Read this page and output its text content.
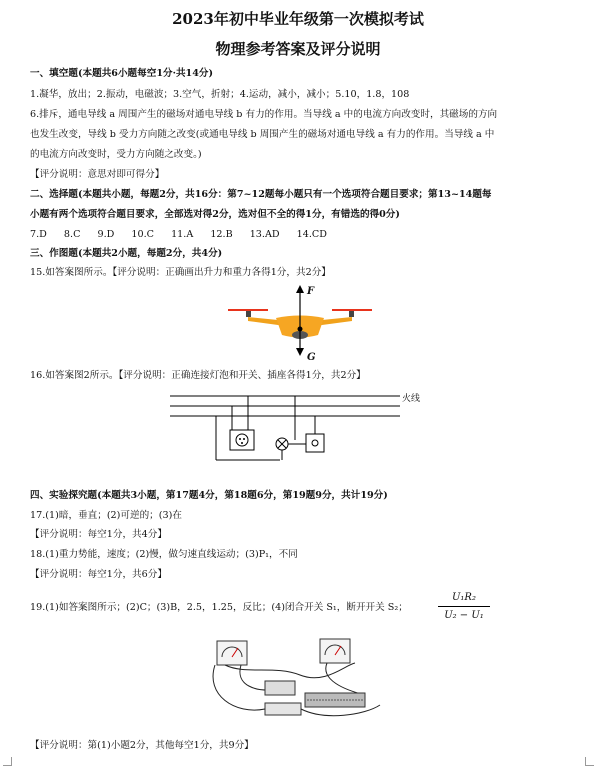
2023年初中毕业年级第一次模拟考试
物理参考答案及评分说明
一、填空题(本题共6小题每空1分·共14分)
1.凝华，放出；2.振动，电磁波；3.空气，折射；4.运动，减小，减小；5.10，1.8，108
6.排斥，通电导线 a 周围产生的磁场对通电导线 b 有力的作用。当导线 a 中的电流方向改变时，其磁场的方向
也发生改变，导线 b 受力方向随之改变(或通电导线 b 周围产生的磁场对通电导线 a 有力的作用。当导线 a 中
的电流方向改变时，受力方向随之改变。)
【评分说明：意思对即可得分】
二、选择题(本题共小题，每题2分，共16分：第7~12题每小题只有一个选项符合题目要求；第13~14题每
小题有两个选项符合题目要求，全部选对得2分，选对但不全的得1分，有错选的得0分)
7.D 8.C 9.D 10.C 11.A 12.B 13.AD 14.CD
三、作图题(本题共2小题，每题2分，共4分)
15.如答案图所示。【评分说明：正确画出升力和重力各得1分，共2分】
F
G
16.如答案图2所示。【评分说明：正确连接灯泡和开关、插座各得1分，共2分】
火线
四、实验探究题(本题共3小题，第17题4分，第18题6分，第19题9分，共计19分)
17.(1)暗，垂直；(2)可逆的；(3)在
【评分说明：每空1分，共4分】
18.(1)重力势能，速度；(2)慢，做匀速直线运动；(3)P₁，不同
【评分说明：每空1分，共6分】
19.(1)如答案图所示；(2)C；(3)B，2.5，1.25，反比；(4)闭合开关 S₁，断开开关 S₂；
U₁R₂
U₂ − U₁
【评分说明：第(1)小题2分，其他每空1分，共9分】
